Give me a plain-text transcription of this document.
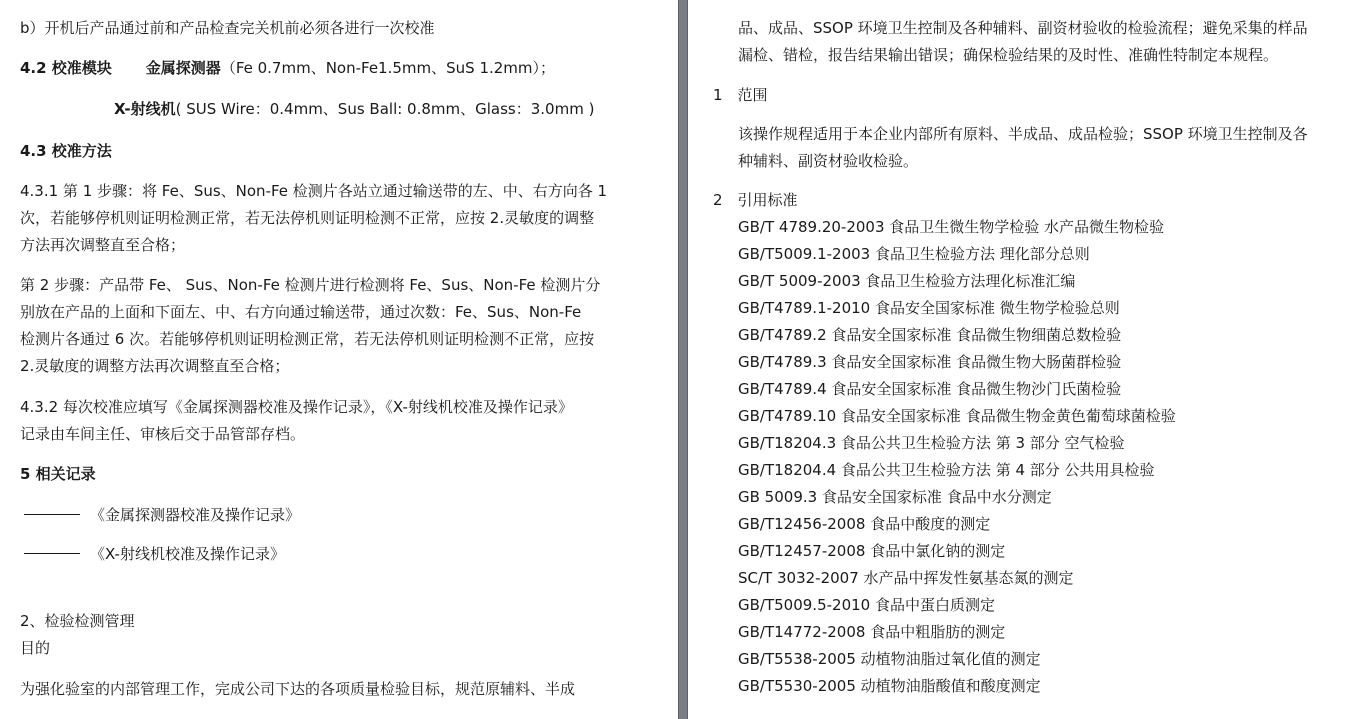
b）开机后产品通过前和产品检查完关机前必须各进行一次校准
4.2 校准模块 金属探测器（Fe 0.7mm、Non-Fe1.5mm、SuS 1.2mm）；
X-射线机( SUS Wire：0.4mm、Sus Ball: 0.8mm、Glass：3.0mm )
4.3 校准方法
4.3.1 第 1 步骤：将 Fe、Sus、Non-Fe 检测片各站立通过输送带的左、中、右方向各 1
次，若能够停机则证明检测正常，若无法停机则证明检测不正常，应按 2.灵敏度的调整
方法再次调整直至合格；
第 2 步骤：产品带 Fe、 Sus、Non-Fe 检测片进行检测将 Fe、Sus、Non-Fe 检测片分
别放在产品的上面和下面左、中、右方向通过输送带，通过次数：Fe、Sus、Non-Fe
检测片各通过 6 次。若能够停机则证明检测正常，若无法停机则证明检测不正常，应按
2.灵敏度的调整方法再次调整直至合格；
4.3.2 每次校准应填写《金属探测器校准及操作记录》，《X-射线机校准及操作记录》
记录由车间主任、审核后交于品管部存档。
5 相关记录
《金属探测器校准及操作记录》
《X-射线机校准及操作记录》
2、检验检测管理
目的
为强化验室的内部管理工作，完成公司下达的各项质量检验目标，规范原辅料、半成
品、成品、SSOP 环境卫生控制及各种辅料、副资材验收的检验流程；避免采集的样品
漏检、错检，报告结果输出错误；确保检验结果的及时性、准确性特制定本规程。
1 范围
该操作规程适用于本企业内部所有原料、半成品、成品检验；SSOP 环境卫生控制及各
种辅料、副资材验收检验。
2 引用标准
GB/T 4789.20-2003 食品卫生微生物学检验 水产品微生物检验
GB/T5009.1-2003 食品卫生检验方法 理化部分总则
GB/T 5009-2003 食品卫生检验方法理化标准汇编
GB/T4789.1-2010 食品安全国家标准 微生物学检验总则
GB/T4789.2 食品安全国家标准 食品微生物细菌总数检验
GB/T4789.3 食品安全国家标准 食品微生物大肠菌群检验
GB/T4789.4 食品安全国家标准 食品微生物沙门氏菌检验
GB/T4789.10 食品安全国家标准 食品微生物金黄色葡萄球菌检验
GB/T18204.3 食品公共卫生检验方法 第 3 部分 空气检验
GB/T18204.4 食品公共卫生检验方法 第 4 部分 公共用具检验
GB 5009.3 食品安全国家标准 食品中水分测定
GB/T12456-2008 食品中酸度的测定
GB/T12457-2008 食品中氯化钠的测定
SC/T 3032-2007 水产品中挥发性氨基态氮的测定
GB/T5009.5-2010 食品中蛋白质测定
GB/T14772-2008 食品中粗脂肪的测定
GB/T5538-2005 动植物油脂过氧化值的测定
GB/T5530-2005 动植物油脂酸值和酸度测定
